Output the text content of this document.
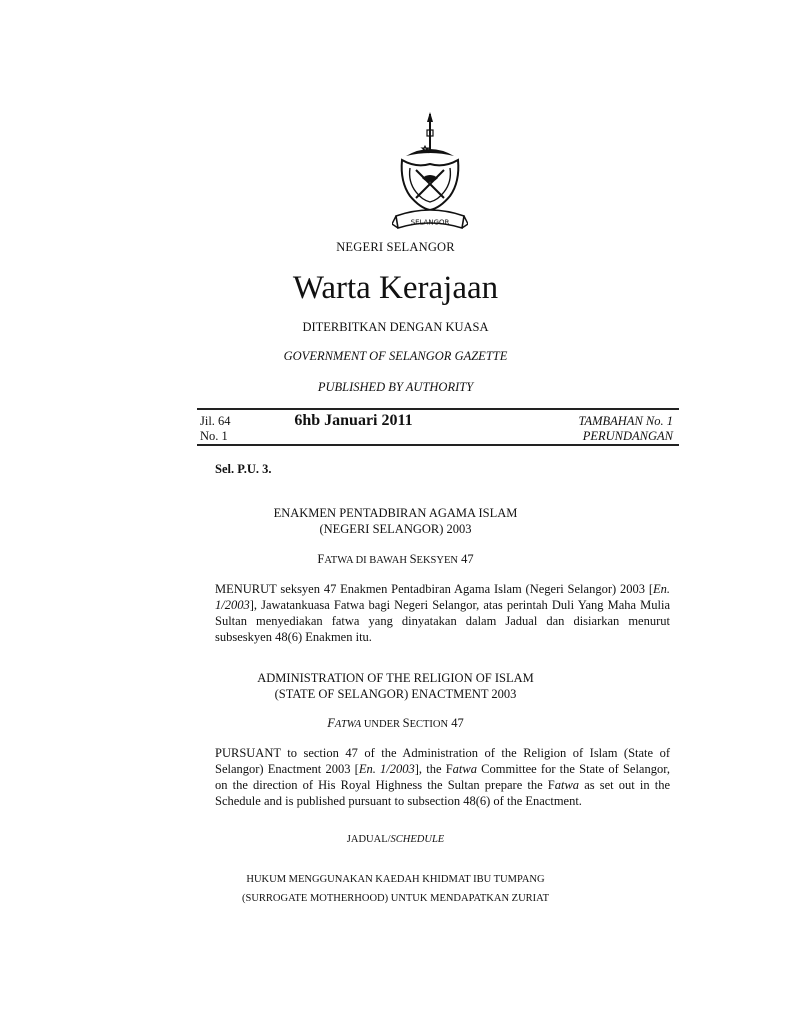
SELANGOR
NEGERI SELANGOR
Warta Kerajaan
DITERBITKAN DENGAN KUASA
GOVERNMENT OF SELANGOR GAZETTE
PUBLISHED BY AUTHORITY
Jil. 64
No. 1
6hb Januari 2011	TAMBAHAN No. 1
PERUNDANGAN
Sel. P.U. 3.
ENAKMEN PENTADBIRAN AGAMA ISLAM
(NEGERI SELANGOR) 2003
FATWA DI BAWAH SEKSYEN 47
MENURUT seksyen 47 Enakmen Pentadbiran Agama Islam (Negeri Selangor) 2003 [En. 1/2003], Jawatankuasa Fatwa bagi Negeri Selangor, atas perintah Duli Yang Maha Mulia Sultan menyediakan fatwa yang dinyatakan dalam Jadual dan disiarkan menurut subseskyen 48(6) Enakmen itu.
ADMINISTRATION OF THE RELIGION OF ISLAM
(STATE OF SELANGOR) ENACTMENT 2003
FATWA UNDER SECTION 47
PURSUANT to section 47 of the Administration of the Religion of Islam (State of Selangor) Enactment 2003 [En. 1/2003], the Fatwa Committee for the State of Selangor, on the direction of His Royal Highness the Sultan prepare the Fatwa as set out in the Schedule and is published pursuant to subsection 48(6) of the Enactment.
JADUAL/SCHEDULE
HUKUM MENGGUNAKAN KAEDAH KHIDMAT IBU TUMPANG
(SURROGATE MOTHERHOOD) UNTUK MENDAPATKAN ZURIAT
